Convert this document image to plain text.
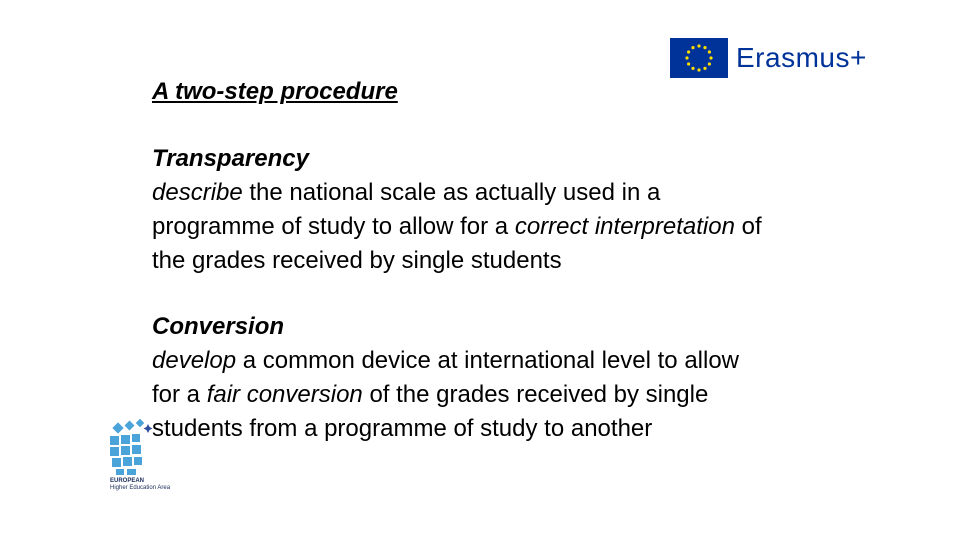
A two-step procedure
Transparency
describe the national scale as actually used in a
programme of study to allow for a correct interpretation of
the grades received by single students
Conversion
develop a common device at international level to allow
for a fair conversion of the grades received by single
students from a programme of study to another
Erasmus+
EUROPEAN
Higher Education Area
